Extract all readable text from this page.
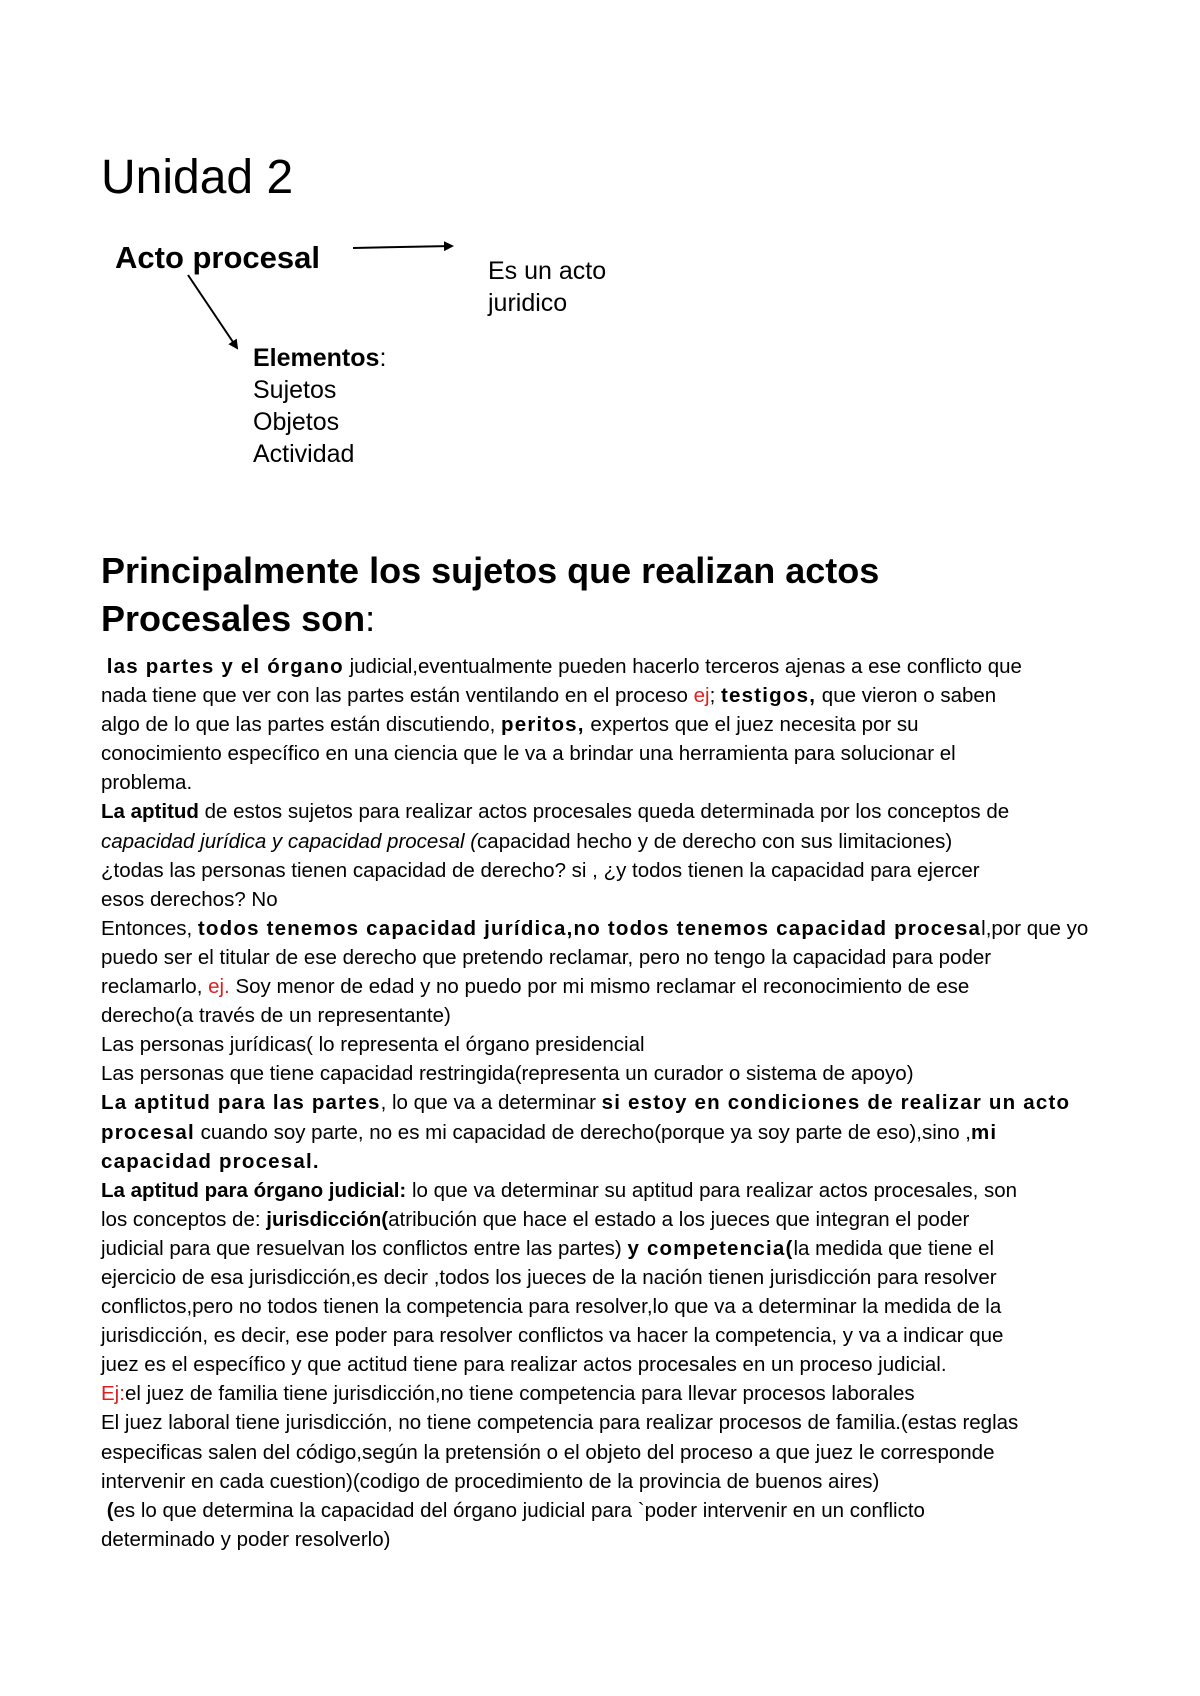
Unidad 2

Acto procesal	Es un acto
juridico

Elementos:
Sujetos
Objetos
Actividad
Principalmente los sujetos que realizan actos
Procesales son:
las partes y el órgano judicial,eventualmente pueden hacerlo terceros ajenas a ese conflicto que
nada tiene que ver con las partes están ventilando en el proceso ej; testigos, que vieron o saben
algo de lo que las partes están discutiendo, peritos, expertos que el juez necesita por su
conocimiento específico en una ciencia que le va a brindar una herramienta para solucionar el
problema.
La aptitud de estos sujetos para realizar actos procesales queda determinada por los conceptos de
capacidad jurídica y capacidad procesal (capacidad hecho y de derecho con sus limitaciones)
¿todas las personas tienen capacidad de derecho? si , ¿y todos tienen la capacidad para ejercer
esos derechos? No
Entonces, todos tenemos capacidad jurídica,no todos tenemos capacidad procesal,por que yo
puedo ser el titular de ese derecho que pretendo reclamar, pero no tengo la capacidad para poder
reclamarlo, ej. Soy menor de edad y no puedo por mi mismo reclamar el reconocimiento de ese
derecho(a través de un representante)
Las personas jurídicas( lo representa el órgano presidencial
Las personas que tiene capacidad restringida(representa un curador o sistema de apoyo)
La aptitud para las partes, lo que va a determinar si estoy en condiciones de realizar un acto
procesal cuando soy parte, no es mi capacidad de derecho(porque ya soy parte de eso),sino ,mi
capacidad procesal.
La aptitud para órgano judicial: lo que va determinar su aptitud para realizar actos procesales, son
los conceptos de: jurisdicción(atribución que hace el estado a los jueces que integran el poder
judicial para que resuelvan los conflictos entre las partes) y competencia(la medida que tiene el
ejercicio de esa jurisdicción,es decir ,todos los jueces de la nación tienen jurisdicción para resolver
conflictos,pero no todos tienen la competencia para resolver,lo que va a determinar la medida de la
jurisdicción, es decir, ese poder para resolver conflictos va hacer la competencia, y va a indicar que
juez es el específico y que actitud tiene para realizar actos procesales en un proceso judicial.
Ej:el juez de familia tiene jurisdicción,no tiene competencia para llevar procesos laborales
El juez laboral tiene jurisdicción, no tiene competencia para realizar procesos de familia.(estas reglas
especificas salen del código,según la pretensión o el objeto del proceso a que juez le corresponde
intervenir en cada cuestion)(codigo de procedimiento de la provincia de buenos aires)
(es lo que determina la capacidad del órgano judicial para `poder intervenir en un conflicto
determinado y poder resolverlo)
